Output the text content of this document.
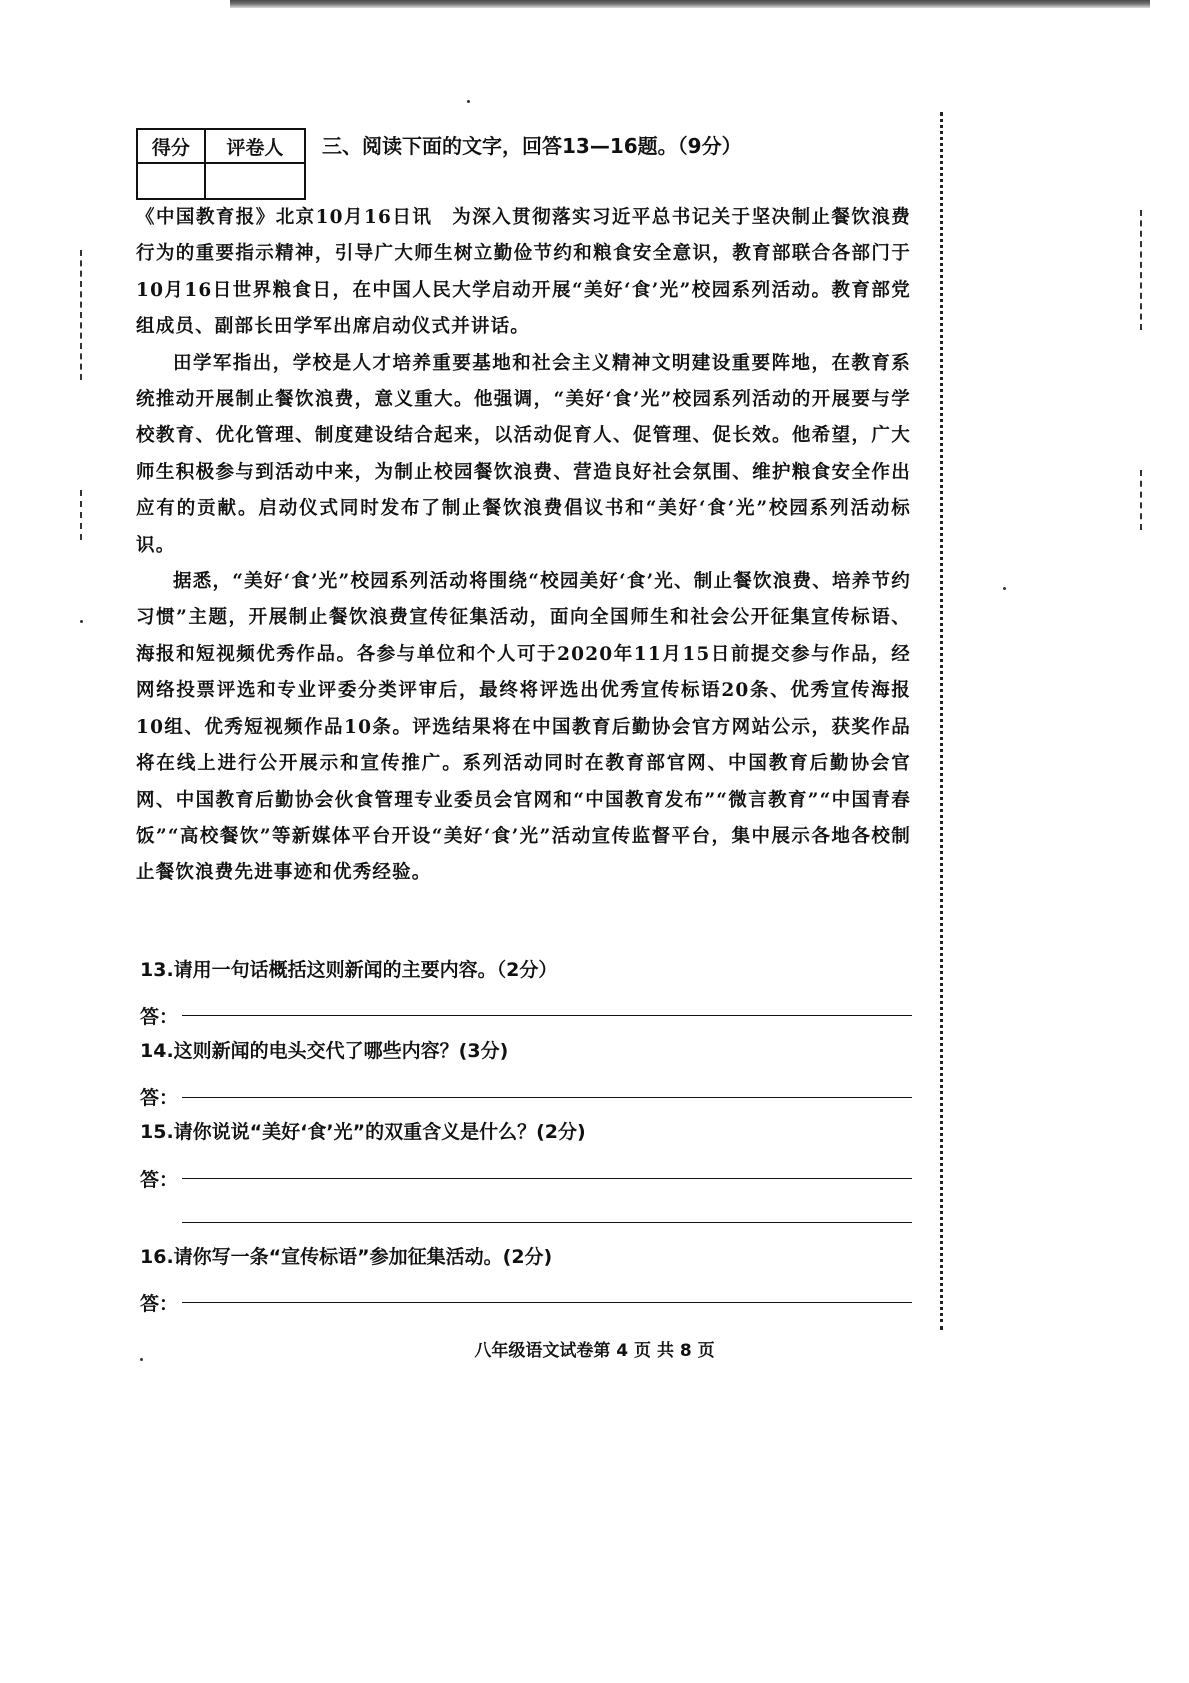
得分	评卷人
	三、阅读下面的文字，回答13—16题。（9分）

《中国教育报》北京10月16日讯　为深入贯彻落实习近平总书记关于坚决制止餐饮浪费行为的重要指示精神，引导广大师生树立勤俭节约和粮食安全意识，教育部联合各部门于10月16日世界粮食日，在中国人民大学启动开展“美好‘食’光”校园系列活动。教育部党组成员、副部长田学军出席启动仪式并讲话。

田学军指出，学校是人才培养重要基地和社会主义精神文明建设重要阵地，在教育系统推动开展制止餐饮浪费，意义重大。他强调，“美好‘食’光”校园系列活动的开展要与学校教育、优化管理、制度建设结合起来，以活动促育人、促管理、促长效。他希望，广大师生积极参与到活动中来，为制止校园餐饮浪费、营造良好社会氛围、维护粮食安全作出应有的贡献。启动仪式同时发布了制止餐饮浪费倡议书和“美好‘食’光”校园系列活动标识。

据悉，“美好‘食’光”校园系列活动将围绕“校园美好‘食’光、制止餐饮浪费、培养节约习惯”主题，开展制止餐饮浪费宣传征集活动，面向全国师生和社会公开征集宣传标语、海报和短视频优秀作品。各参与单位和个人可于2020年11月15日前提交参与作品，经网络投票评选和专业评委分类评审后，最终将评选出优秀宣传标语20条、优秀宣传海报10组、优秀短视频作品10条。评选结果将在中国教育后勤协会官方网站公示，获奖作品将在线上进行公开展示和宣传推广。系列活动同时在教育部官网、中国教育后勤协会官网、中国教育后勤协会伙食管理专业委员会官网和“中国教育发布”“微言教育”“中国青春饭”“高校餐饮”等新媒体平台开设“美好‘食’光”活动宣传监督平台，集中展示各地各校制止餐饮浪费先进事迹和优秀经验。

13.请用一句话概括这则新闻的主要内容。（2分）
答：
14.这则新闻的电头交代了哪些内容？(3分)
答：
15.请你说说“美好‘食’光”的双重含义是什么？(2分)
答：
16.请你写一条“宣传标语”参加征集活动。(2分)
答：
八年级语文试卷第 4 页 共 8 页
